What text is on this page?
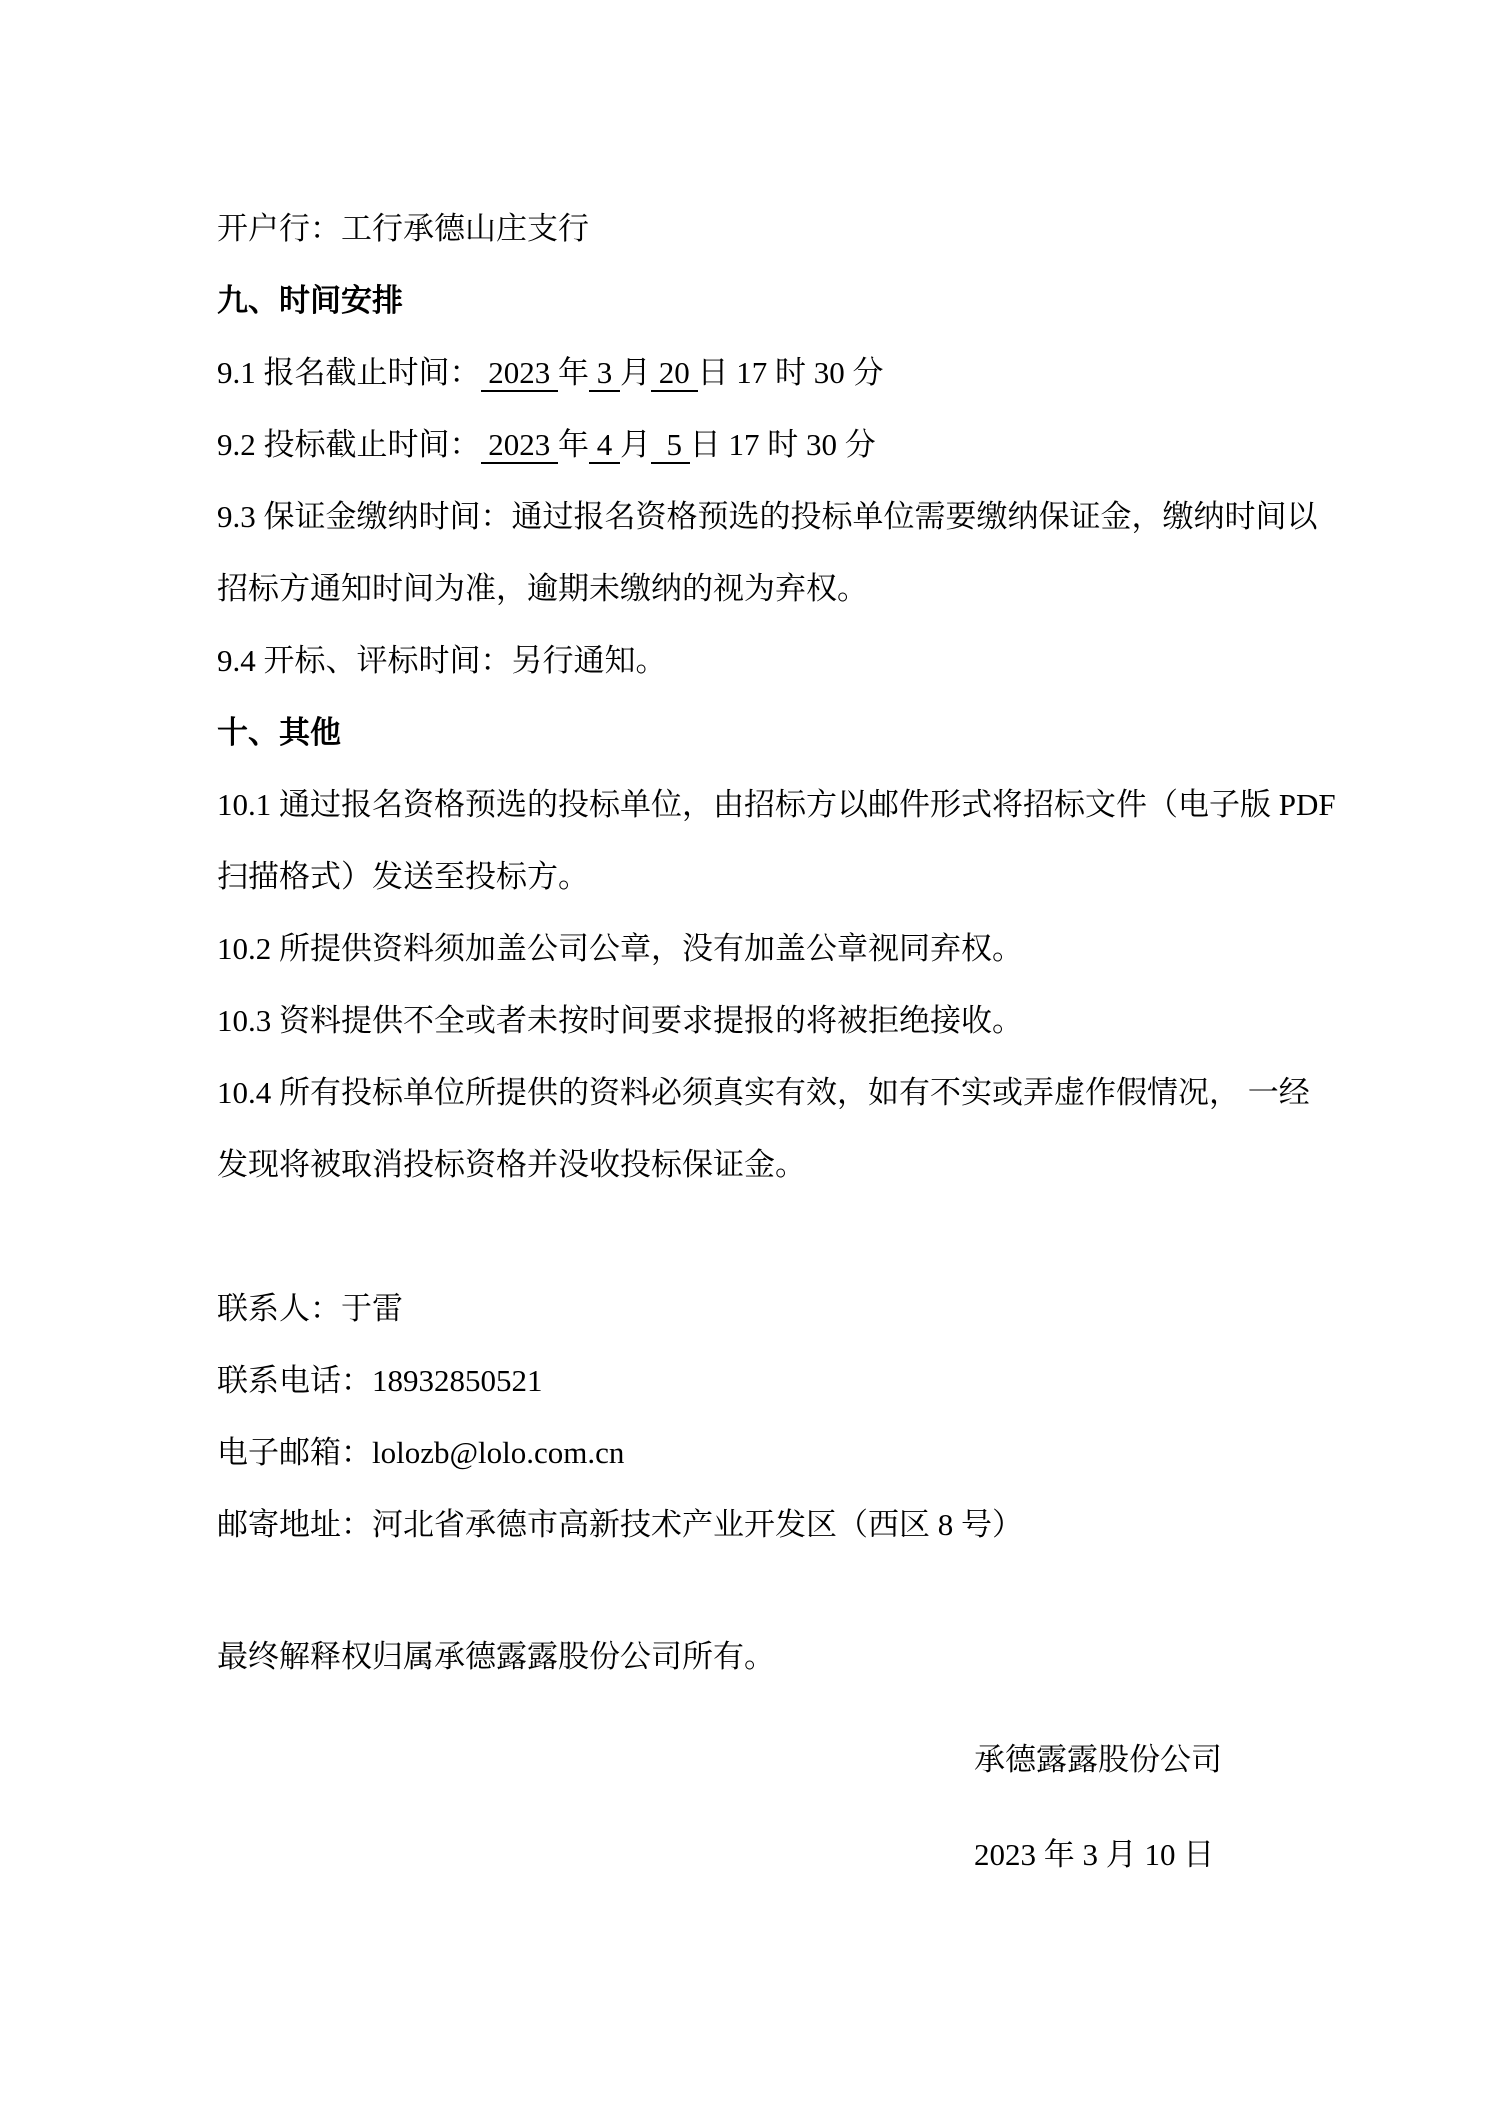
开户行：工行承德山庄支行
九、时间安排
9.1 报名截止时间： 2023 年 3 月 20 日 17 时 30 分
9.2 投标截止时间： 2023 年 4 月  5 日 17 时 30 分
9.3 保证金缴纳时间：通过报名资格预选的投标单位需要缴纳保证金，缴纳时间以
招标方通知时间为准，逾期未缴纳的视为弃权。
9.4 开标、评标时间：另行通知。
十、其他
10.1 通过报名资格预选的投标单位，由招标方以邮件形式将招标文件（电子版 PDF
扫描格式）发送至投标方。
10.2 所提供资料须加盖公司公章，没有加盖公章视同弃权。
10.3 资料提供不全或者未按时间要求提报的将被拒绝接收。
10.4 所有投标单位所提供的资料必须真实有效，如有不实或弄虚作假情况， 一经
发现将被取消投标资格并没收投标保证金。
联系人：于雷
联系电话：18932850521
电子邮箱：lolozb@lolo.com.cn
邮寄地址：河北省承德市高新技术产业开发区（西区 8 号）
最终解释权归属承德露露股份公司所有。
承德露露股份公司
2023 年 3 月 10 日
